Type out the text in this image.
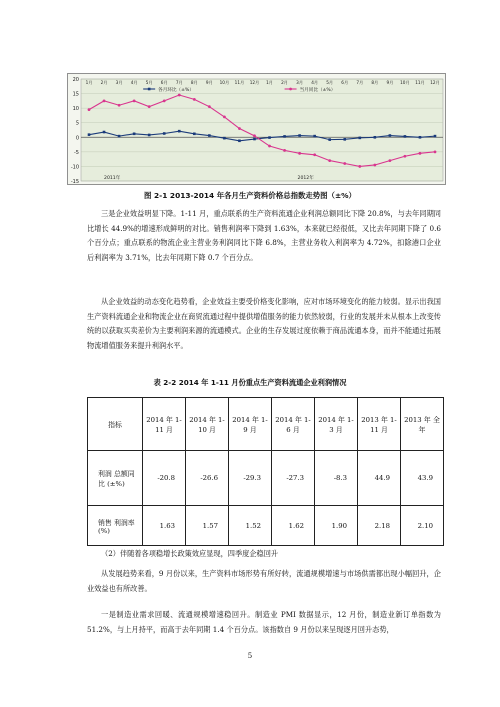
20
15
10
5
0
-5
-10
-15
1月 2月 3月 4月 5月 6月 7月 8月 9月 10月 11月 12月 1月 2月 3月 4月 5月 6月 7月 8月 9月 10月 11月 12月
2011年	2012年
各月环比（±%）	当月同比（±%）
图 2-1 2013-2014 年各月生产资料价格总指数走势图（±%）

三是企业效益明显下降。1-11 月，重点联系的生产资料流通企业利润总额同比下降 20.8%，与去年同期同比增长 44.9%的增速形成鲜明的对比。销售利润率下降到 1.63%，本来就已经很低，又比去年同期下降了 0.6 个百分点；重点联系的物流企业主营业务利润同比下降 6.8%，主营业务收入利润率为 4.72%，扣除港口企业后利润率为 3.71%，比去年同期下降 0.7 个百分点。

从企业效益的动态变化趋势看，企业效益主要受价格变化影响，应对市场环境变化的能力较弱。显示出我国生产资料流通企业和物流企业在商贸流通过程中提供增值服务的能力依然较弱，行业的发展并未从根本上改变传统的以获取买卖差价为主要利润来源的流通模式。企业的生存发展过度依赖于商品流通本身，而并不能通过拓展物流增值服务来提升利润水平。

表 2-2 2014 年 1-11 月份重点生产资料流通企业利润情况
指标	2014 年 1-11 月	2014 年 1-10 月	2014 年 1-9 月	2014 年 1-6 月	2014 年 1-3 月	2013 年 1-11 月	2013 年 全年
利润 总额同比 (±%)	-20.8	-26.6	-29.3	-27.3	-8.3	44.9	43.9
销售 利润率(%)	1.63	1.57	1.52	1.62	1.90	2.18	2.10

（2）伴随着各项稳增长政策效应显现，四季度企稳回升

从发展趋势来看，9 月份以来，生产资料市场形势有所好转，流通规模增速与市场供需都出现小幅回升，企业效益也有所改善。

一是制造业需求回暖、流通规模增速稳回升。制造业 PMI 数据显示，12 月份，制造业新订单指数为 51.2%，与上月持平，而高于去年同期 1.4 个百分点。该指数自 9 月份以来呈现逐月回升态势，

5
